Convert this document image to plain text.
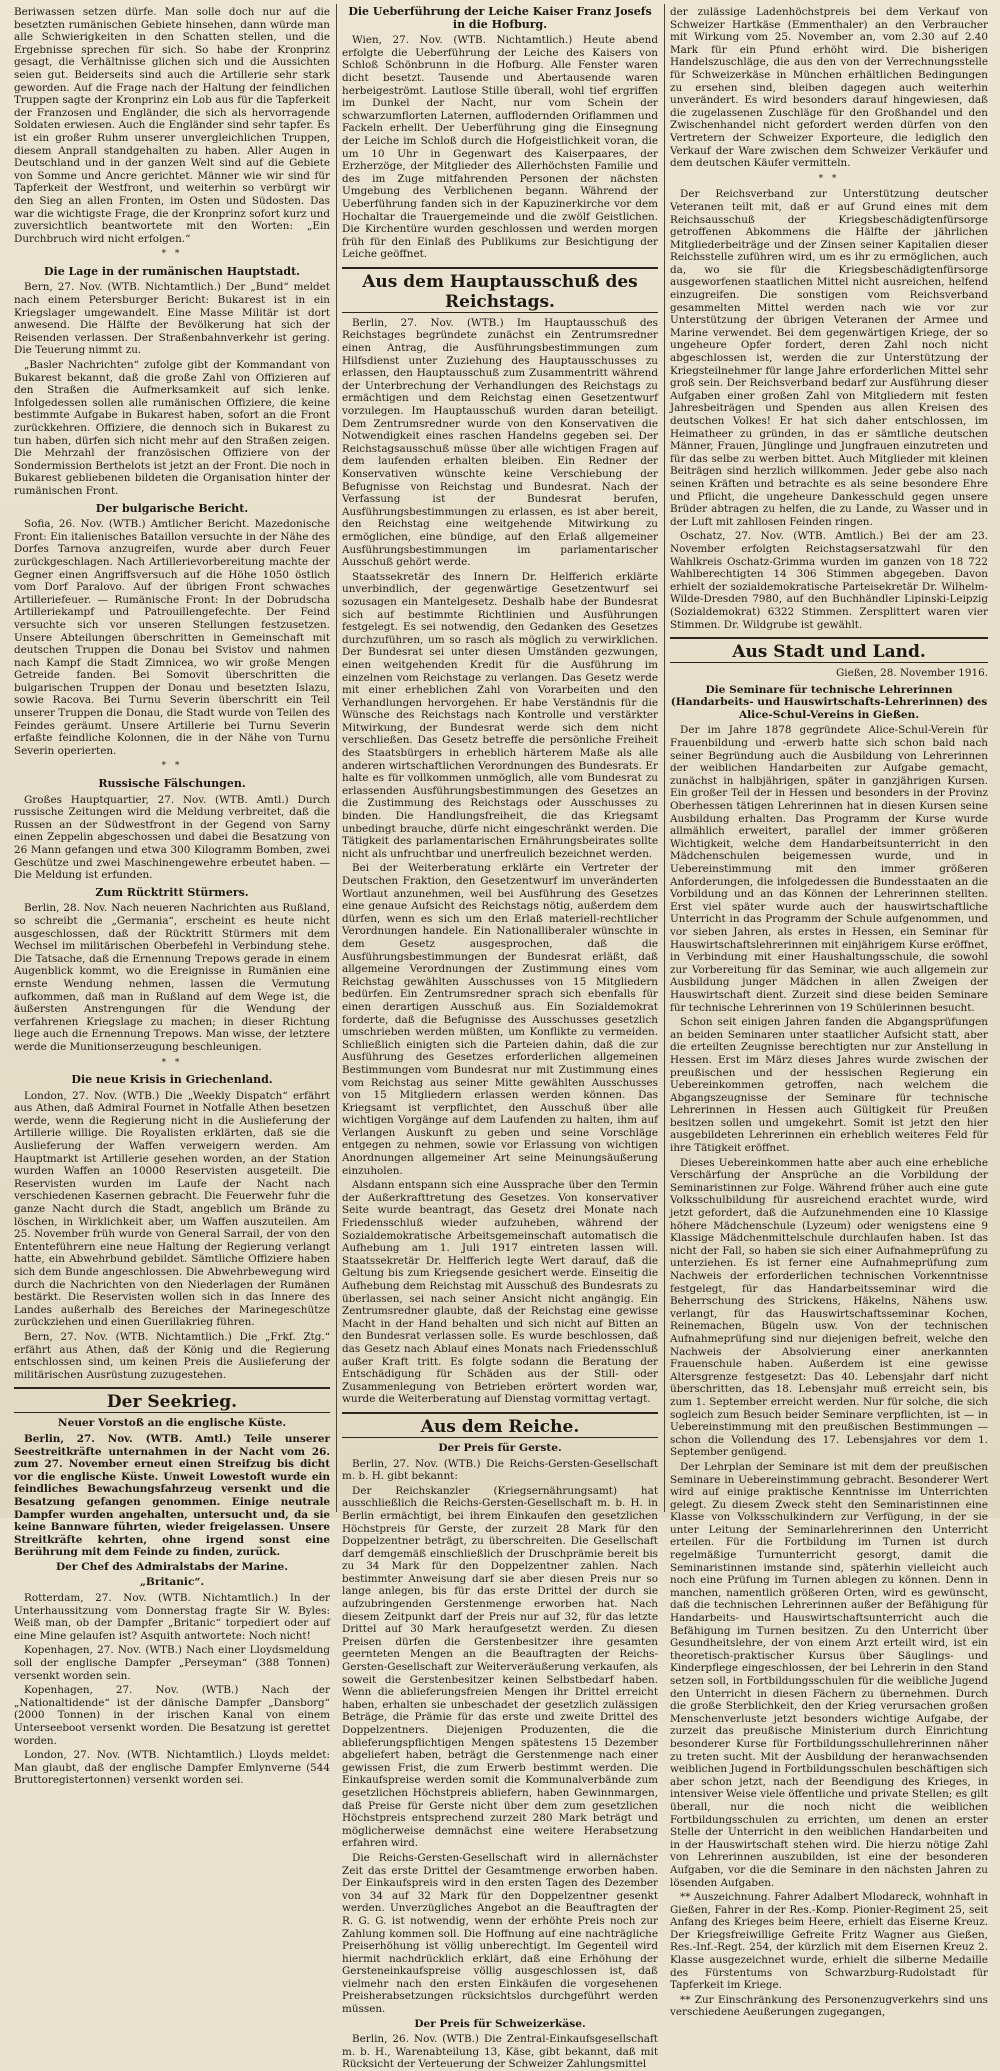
Beriwassen setzen dürfe. Man solle doch nur auf die besetzten rumänischen Gebiete hinsehen, dann würde man alle Schwierigkeiten in den Schatten stellen, und die Ergebnisse sprechen für sich. So habe der Kronprinz gesagt, die Verhältnisse glichen sich und die Aussichten seien gut. Beiderseits sind auch die Artillerie sehr stark geworden. Auf die Frage nach der Haltung der feindlichen Truppen sagte der Kronprinz ein Lob aus für die Tapferkeit der Franzosen und Engländer, die sich als hervorragende Soldaten erwiesen. Auch die Engländer sind sehr tapfer. Es ist ein großer Ruhm unserer unvergleichlichen Truppen, diesem Anprall standgehalten zu haben. Aller Augen in Deutschland und in der ganzen Welt sind auf die Gebiete von Somme und Ancre gerichtet. Männer wie wir sind für Tapferkeit der Westfront, und weiterhin so verbürgt wir den Sieg an allen Fronten, im Osten und Südosten. Das war die wichtigste Frage, die der Kronprinz sofort kurz und zuversichtlich beantwortete mit den Worten: „Ein Durchbruch wird nicht erfolgen.“

* *
Die Lage in der rumänischen Hauptstadt.

Bern, 27. Nov. (WTB. Nichtamtlich.) Der „Bund“ meldet nach einem Petersburger Bericht: Bukarest ist in ein Kriegslager umgewandelt. Eine Masse Militär ist dort anwesend. Die Hälfte der Bevölkerung hat sich der Reisenden verlassen. Der Straßenbahnverkehr ist gering. Die Teuerung nimmt zu.

„Basler Nachrichten“ zufolge gibt der Kommandant von Bukarest bekannt, daß die große Zahl von Offizieren auf den Straßen die Aufmerksamkeit auf sich lenke. Infolgedessen sollen alle rumänischen Offiziere, die keine bestimmte Aufgabe in Bukarest haben, sofort an die Front zurückkehren. Offiziere, die dennoch sich in Bukarest zu tun haben, dürfen sich nicht mehr auf den Straßen zeigen. Die Mehrzahl der französischen Offiziere von der Sondermission Berthelots ist jetzt an der Front. Die noch in Bukarest gebliebenen bildeten die Organisation hinter der rumänischen Front.

Der bulgarische Bericht.

Sofia, 26. Nov. (WTB.) Amtlicher Bericht. Mazedonische Front: Ein italienisches Bataillon versuchte in der Nähe des Dorfes Tarnova anzugreifen, wurde aber durch Feuer zurückgeschlagen. Nach Artillerievorbereitung machte der Gegner einen Angriffsversuch auf die Höhe 1050 östlich vom Dorf Paralovo. Auf der übrigen Front schwaches Artilleriefeuer. — Rumänische Front: In der Dobrudscha Artilleriekampf und Patrouillengefechte. Der Feind versuchte sich vor unseren Stellungen festzusetzen. Unsere Abteilungen überschritten in Gemeinschaft mit deutschen Truppen die Donau bei Svistov und nahmen nach Kampf die Stadt Zimnicea, wo wir große Mengen Getreide fanden. Bei Somovit überschritten die bulgarischen Truppen der Donau und besetzten Islazu, sowie Racova. Bei Turnu Severin überschritt ein Teil unserer Truppen die Donau, die Stadt wurde von Teilen des Feindes geräumt. Unsere Artillerie bei Turnu Severin erfaßte feindliche Kolonnen, die in der Nähe von Turnu Severin operierten.

* *
Russische Fälschungen.

Großes Hauptquartier, 27. Nov. (WTB. Amtl.) Durch russische Zeitungen wird die Meldung verbreitet, daß die Russen an der Südwestfront in der Gegend von Sarny einen Zeppelin abgeschossen und dabei die Besatzung von 26 Mann gefangen und etwa 300 Kilogramm Bomben, zwei Geschütze und zwei Maschinengewehre erbeutet haben. — Die Meldung ist erfunden.

Zum Rücktritt Stürmers.

Berlin, 28. Nov. Nach neueren Nachrichten aus Rußland, so schreibt die „Germania“, erscheint es heute nicht ausgeschlossen, daß der Rücktritt Stürmers mit dem Wechsel im militärischen Oberbefehl in Verbindung stehe. Die Tatsache, daß die Ernennung Trepows gerade in einem Augenblick kommt, wo die Ereignisse in Rumänien eine ernste Wendung nehmen, lassen die Vermutung aufkommen, daß man in Rußland auf dem Wege ist, die äußersten Anstrengungen für die Wendung der verfahrenen Kriegslage zu machen; in dieser Richtung liege auch die Ernennung Trepows. Man wisse, der letztere werde die Munitionserzeugung beschleunigen.

* *
Die neue Krisis in Griechenland.

London, 27. Nov. (WTB.) Die „Weekly Dispatch“ erfährt aus Athen, daß Admiral Fournet in Notfalle Athen besetzen werde, wenn die Regierung nicht in die Auslieferung der Artillerie willige. Die Royalisten erklärten, daß sie die Auslieferung der Waffen verweigern werden. Am Hauptmarkt ist Artillerie gesehen worden, an der Station wurden Waffen an 10000 Reservisten ausgeteilt. Die Reservisten wurden im Laufe der Nacht nach verschiedenen Kasernen gebracht. Die Feuerwehr fuhr die ganze Nacht durch die Stadt, angeblich um Brände zu löschen, in Wirklichkeit aber, um Waffen auszuteilen. Am 25. November früh wurde von General Sarrail, der von den Ententeführern eine neue Haltung der Regierung verlangt hatte, ein Abwehrbund gebildet. Sämtliche Offiziere haben sich dem Bunde angeschlossen. Die Abwehrbewegung wird durch die Nachrichten von den Niederlagen der Rumänen bestärkt. Die Reservisten wollen sich in das Innere des Landes außerhalb des Bereiches der Marinegeschütze zurückziehen und einen Guerillakrieg führen.

Bern, 27. Nov. (WTB. Nichtamtlich.) Die „Frkf. Ztg.“ erfährt aus Athen, daß der König und die Regierung entschlossen sind, um keinen Preis die Auslieferung der militärischen Ausrüstung zuzugestehen.

Der Seekrieg.
Neuer Vorstoß an die englische Küste.

Berlin, 27. Nov. (WTB. Amtl.) Teile unserer Seestreitkräfte unternahmen in der Nacht vom 26. zum 27. November erneut einen Streifzug bis dicht vor die englische Küste. Unweit Lowestoft wurde ein feindliches Bewachungsfahrzeug versenkt und die Besatzung gefangen genommen. Einige neutrale Dampfer wurden angehalten, untersucht und, da sie keine Bannware führten, wieder freigelassen. Unsere Streitkräfte kehrten, ohne irgend sonst eine Berührung mit dem Feinde zu finden, zurück.

Der Chef des Admiralstabs der Marine.
„Britanic“.

Rotterdam, 27. Nov. (WTB. Nichtamtlich.) In der Unterhaussitzung vom Donnerstag fragte Sir W. Byles: Weiß man, ob der Dampfer „Britanic“ torpediert oder auf eine Mine gelaufen ist? Asquith antwortete: Noch nicht!

Kopenhagen, 27. Nov. (WTB.) Nach einer Lloydsmeldung soll der englische Dampfer „Perseyman“ (388 Tonnen) versenkt worden sein.

Kopenhagen, 27. Nov. (WTB.) Nach der „Nationaltidende“ ist der dänische Dampfer „Dansborg“ (2000 Tonnen) in der irischen Kanal von einem Unterseeboot versenkt worden. Die Besatzung ist gerettet worden.

London, 27. Nov. (WTB. Nichtamtlich.) Lloyds meldet: Man glaubt, daß der englische Dampfer Emlynverne (544 Bruttoregistertonnen) versenkt worden sei.

Die Ueberführung der Leiche Kaiser Franz Josefs in die Hofburg.

Wien, 27. Nov. (WTB. Nichtamtlich.) Heute abend erfolgte die Ueberführung der Leiche des Kaisers von Schloß Schönbrunn in die Hofburg. Alle Fenster waren dicht besetzt. Tausende und Abertausende waren herbeigeströmt. Lautlose Stille überall, wohl tief ergriffen im Dunkel der Nacht, nur vom Schein der schwarzumflorten Laternen, aufflodernden Oriflammen und Fackeln erhellt. Der Ueberführung ging die Einsegnung der Leiche im Schloß durch die Hofgeistlichkeit voran, die um 10 Uhr in Gegenwart des Kaiserpaares, der Erzherzöge, der Mitglieder des Allerhöchsten Familie und des im Zuge mitfahrenden Personen der nächsten Umgebung des Verblichenen begann. Während der Ueberführung fanden sich in der Kapuzinerkirche vor dem Hochaltar die Trauergemeinde und die zwölf Geistlichen. Die Kirchentüre wurden geschlossen und werden morgen früh für den Einlaß des Publikums zur Besichtigung der Leiche geöffnet.

Aus dem Hauptausschuß des Reichstags.

Berlin, 27. Nov. (WTB.) Im Hauptausschuß des Reichstages begründete zunächst ein Zentrumsredner einen Antrag, die Ausführungsbestimmungen zum Hilfsdienst unter Zuziehung des Hauptausschusses zu erlassen, den Hauptausschuß zum Zusammentritt während der Unterbrechung der Verhandlungen des Reichstags zu ermächtigen und dem Reichstag einen Gesetzentwurf vorzulegen. Im Hauptausschuß wurden daran beteiligt. Dem Zentrumsredner wurde von den Konservativen die Notwendigkeit eines raschen Handelns gegeben sei. Der Reichstagsausschuß müsse über alle wichtigen Fragen auf dem laufenden erhalten bleiben. Ein Redner der Konservativen wünschte keine Verschiebung der Befugnisse von Reichstag und Bundesrat. Nach der Verfassung ist der Bundesrat berufen, Ausführungsbestimmungen zu erlassen, es ist aber bereit, den Reichstag eine weitgehende Mitwirkung zu ermöglichen, eine bündige, auf den Erlaß allgemeiner Ausführungsbestimmungen im parlamentarischer Ausschuß gehört werde.

Staatssekretär des Innern Dr. Helfferich erklärte unverbindlich, der gegenwärtige Gesetzentwurf sei sozusagen ein Mantelgesetz. Deshalb habe der Bundesrat sich auf bestimmte Richtlinien und Ausführungen festgelegt. Es sei notwendig, den Gedanken des Gesetzes durchzuführen, um so rasch als möglich zu verwirklichen. Der Bundesrat sei unter diesen Umständen gezwungen, einen weitgehenden Kredit für die Ausführung im einzelnen vom Reichstage zu verlangen. Das Gesetz werde mit einer erheblichen Zahl von Vorarbeiten und den Verhandlungen hervorgehen. Er habe Verständnis für die Wünsche des Reichstags nach Kontrolle und verstärkter Mitwirkung, der Bundesrat werde sich dem nicht verschließen. Das Gesetz betreffe die persönliche Freiheit des Staatsbürgers in erheblich härterem Maße als alle anderen wirtschaftlichen Verordnungen des Bundesrats. Er halte es für vollkommen unmöglich, alle vom Bundesrat zu erlassenden Ausführungsbestimmungen des Gesetzes an die Zustimmung des Reichstags oder Ausschusses zu binden. Die Handlungsfreiheit, die das Kriegsamt unbedingt brauche, dürfe nicht eingeschränkt werden. Die Tätigkeit des parlamentarischen Ernährungsbeirates sollte nicht als unfruchtbar und unerfreulich bezeichnet werden.

Bei der Weiterberatung erklärte ein Vertreter der Deutschen Fraktion, den Gesetzentwurf im unveränderten Wortlaut anzunehmen, weil bei Ausführung des Gesetzes eine genaue Aufsicht des Reichstags nötig, außerdem dem dürfen, wenn es sich um den Erlaß materiell-rechtlicher Verordnungen handele. Ein Nationalliberaler wünschte in dem Gesetz ausgesprochen, daß die Ausführungsbestimmungen der Bundesrat erläßt, daß allgemeine Verordnungen der Zustimmung eines vom Reichstag gewählten Ausschusses von 15 Mitgliedern bedürfen. Ein Zentrumsredner sprach sich ebenfalls für einen derartigen Ausschuß aus. Ein Sozialdemokrat forderte, daß die Befugnisse des Ausschusses gesetzlich umschrieben werden müßten, um Konflikte zu vermeiden. Schließlich einigten sich die Parteien dahin, daß die zur Ausführung des Gesetzes erforderlichen allgemeinen Bestimmungen vom Bundesrat nur mit Zustimmung eines vom Reichstag aus seiner Mitte gewählten Ausschusses von 15 Mitgliedern erlassen werden können. Das Kriegsamt ist verpflichtet, den Ausschuß über alle wichtigen Vorgänge auf dem Laufenden zu halten, ihm auf Verlangen Auskunft zu geben und seine Vorschläge entgegen zu nehmen, sowie vor Erlassung von wichtigen Anordnungen allgemeiner Art seine Meinungsäußerung einzuholen.

Alsdann entspann sich eine Aussprache über den Termin der Außerkrafttretung des Gesetzes. Von konservativer Seite wurde beantragt, das Gesetz drei Monate nach Friedensschluß wieder aufzuheben, während der Sozialdemokratische Arbeitsgemeinschaft automatisch die Aufhebung am 1. Juli 1917 eintreten lassen will. Staatssekretär Dr. Helfferich legte Wert darauf, daß die Geltung bis zum Kriegsende gesichert werde. Einseitig die Aufhebung dem Reichstag mit Ausschuß des Bundesrats zu überlassen, sei nach seiner Ansicht nicht angängig. Ein Zentrumsredner glaubte, daß der Reichstag eine gewisse Macht in der Hand behalten und sich nicht auf Bitten an den Bundesrat verlassen solle. Es wurde beschlossen, daß das Gesetz nach Ablauf eines Monats nach Friedensschluß außer Kraft tritt. Es folgte sodann die Beratung der Entschädigung für Schäden aus der Still- oder Zusammenlegung von Betrieben erörtert worden war, wurde die Weiterberatung auf Dienstag vormittag vertagt.

Aus dem Reiche.
Der Preis für Gerste.

Berlin, 27. Nov. (WTB.) Die Reichs-Gersten-Gesellschaft m. b. H. gibt bekannt:

Der Reichskanzler (Kriegsernährungsamt) hat ausschließlich die Reichs-Gersten-Gesellschaft m. b. H. in Berlin ermächtigt, bei ihrem Einkaufen den gesetzlichen Höchstpreis für Gerste, der zurzeit 28 Mark für den Doppelzentner beträgt, zu überschreiten. Die Gesellschaft darf demgemäß einschließlich der Druschprämie bereit bis zu 34 Mark für den Doppelzentner zahlen. Nach bestimmter Anweisung darf sie aber diesen Preis nur so lange anlegen, bis für das erste Drittel der durch sie aufzubringenden Gerstenmenge erworben hat. Nach diesem Zeitpunkt darf der Preis nur auf 32, für das letzte Drittel auf 30 Mark heraufgesetzt werden. Zu diesen Preisen dürfen die Gerstenbesitzer ihre gesamten geernteten Mengen an die Beauftragten der Reichs-Gersten-Gesellschaft zur Weiterveräußerung verkaufen, als soweit die Gerstenbesitzer keinen Selbstbedarf haben. Wenn die ablieferungsfreien Mengen ihr Drittel erreicht haben, erhalten sie unbeschadet der gesetzlich zulässigen Beträge, die Prämie für das erste und zweite Drittel des Doppelzentners. Diejenigen Produzenten, die die ablieferungspflichtigen Mengen spätestens 15 Dezember abgeliefert haben, beträgt die Gerstenmenge nach einer gewissen Frist, die zum Erwerb bestimmt werden. Die Einkaufspreise werden somit die Kommunalverbände zum gesetzlichen Höchstpreis abliefern, haben Gewinnmargen, daß Preise für Gerste nicht über dem zum gesetzlichen Höchstpreis entsprechend zurzeit 280 Mark beträgt und möglicherweise demnächst eine weitere Herabsetzung erfahren wird.

Die Reichs-Gersten-Gesellschaft wird in allernächster Zeit das erste Drittel der Gesamtmenge erworben haben. Der Einkaufspreis wird in den ersten Tagen des Dezember von 34 auf 32 Mark für den Doppelzentner gesenkt werden. Unverzügliches Angebot an die Beauftragten der R. G. G. ist notwendig, wenn der erhöhte Preis noch zur Zahlung kommen soll. Die Hoffnung auf eine nachträgliche Preiserhöhung ist völlig unberechtigt. Im Gegenteil wird hiermit nachdrücklich erklärt, daß eine Erhöhung der Gersteneinkaufspreise völlig ausgeschlossen ist, daß vielmehr nach den ersten Einkäufen die vorgesehenen Preisherabsetzungen rücksichtslos durchgeführt werden müssen.

Der Preis für Schweizerkäse.

Berlin, 26. Nov. (WTB.) Die Zentral-Einkaufsgesellschaft m. b. H., Warenabteilung 13, Käse, gibt bekannt, daß mit Rücksicht der Verteuerung der Schweizer Zahlungsmittel

der zulässige Ladenhöchstpreis bei dem Verkauf von Schweizer Hartkäse (Emmenthaler) an den Verbraucher mit Wirkung vom 25. November an, vom 2.30 auf 2.40 Mark für ein Pfund erhöht wird. Die bisherigen Handelszuschläge, die aus den von der Verrechnungsstelle für Schweizerkäse in München erhältlichen Bedingungen zu ersehen sind, bleiben dagegen auch weiterhin unverändert. Es wird besonders darauf hingewiesen, daß die zugelassenen Zuschläge für den Großhandel und den Zwischenhandel nicht gefordert werden dürfen von den Vertretern der Schweizer Exporteure, die lediglich den Verkauf der Ware zwischen dem Schweizer Verkäufer und dem deutschen Käufer vermitteln.

* *

Der Reichsverband zur Unterstützung deutscher Veteranen teilt mit, daß er auf Grund eines mit dem Reichsausschuß der Kriegsbeschädigtenfürsorge getroffenen Abkommens die Hälfte der jährlichen Mitgliederbeiträge und der Zinsen seiner Kapitalien dieser Reichsstelle zuführen wird, um es ihr zu ermöglichen, auch da, wo sie für die Kriegsbeschädigtenfürsorge ausgeworfenen staatlichen Mittel nicht ausreichen, helfend einzugreifen. Die sonstigen vom Reichsverband gesammelten Mittel werden nach wie vor zur Unterstützung der übrigen Veteranen der Armee und Marine verwendet. Bei dem gegenwärtigen Kriege, der so ungeheure Opfer fordert, deren Zahl noch nicht abgeschlossen ist, werden die zur Unterstützung der Kriegsteilnehmer für lange Jahre erforderlichen Mittel sehr groß sein. Der Reichsverband bedarf zur Ausführung dieser Aufgaben einer großen Zahl von Mitgliedern mit festen Jahresbeiträgen und Spenden aus allen Kreisen des deutschen Volkes! Er hat sich daher entschlossen, im Heimatheer zu gründen, in das er sämtliche deutschen Männer, Frauen, Jünglinge und Jungfrauen einzutreten und für das selbe zu werben bittet. Auch Mitglieder mit kleinen Beiträgen sind herzlich willkommen. Jeder gebe also nach seinen Kräften und betrachte es als seine besondere Ehre und Pflicht, die ungeheure Dankesschuld gegen unsere Brüder abtragen zu helfen, die zu Lande, zu Wasser und in der Luft mit zahllosen Feinden ringen.

Oschatz, 27. Nov. (WTB. Amtlich.) Bei der am 23. November erfolgten Reichstagsersatzwahl für den Wahlkreis Oschatz-Grimma wurden im ganzen von 18 722 Wahlberechtigten 14 306 Stimmen abgegeben. Davon erhielt der sozialdemokratische Parteisekretär Dr. Wilhelm-Wilde-Dresden 7980, auf den Buchhändler Lipinski-Leipzig (Sozialdemokrat) 6322 Stimmen. Zersplittert waren vier Stimmen. Dr. Wildgrube ist gewählt.

Aus Stadt und Land.
Gießen, 28. November 1916.
Die Seminare für technische Lehrerinnen (Handarbeits- und Hauswirtschafts-Lehrerinnen) des Alice-Schul-Vereins in Gießen.

Der im Jahre 1878 gegründete Alice-Schul-Verein für Frauenbildung und -erwerb hatte sich schon bald nach seiner Begründung auch die Ausbildung von Lehrerinnen der weiblichen Handarbeiten zur Aufgabe gemacht, zunächst in halbjährigen, später in ganzjährigen Kursen. Ein großer Teil der in Hessen und besonders in der Provinz Oberhessen tätigen Lehrerinnen hat in diesen Kursen seine Ausbildung erhalten. Das Programm der Kurse wurde allmählich erweitert, parallel der immer größeren Wichtigkeit, welche dem Handarbeitsunterricht in den Mädchenschulen beigemessen wurde, und in Uebereinstimmung mit den immer größeren Anforderungen, die infolgedessen die Bundesstaaten an die Vorbildung und an das Können der Lehrerinnen stellten. Erst viel später wurde auch der hauswirtschaftliche Unterricht in das Programm der Schule aufgenommen, und vor sieben Jahren, als erstes in Hessen, ein Seminar für Hauswirtschaftslehrerinnen mit einjährigem Kurse eröffnet, in Verbindung mit einer Haushaltungsschule, die sowohl zur Vorbereitung für das Seminar, wie auch allgemein zur Ausbildung junger Mädchen in allen Zweigen der Hauswirtschaft dient. Zurzeit sind diese beiden Seminare für technische Lehrerinnen von 19 Schülerinnen besucht.

Schon seit einigen Jahren fanden die Abgangsprüfungen an beiden Seminaren unter staatlicher Aufsicht statt, aber die erteilten Zeugnisse berechtigten nur zur Anstellung in Hessen. Erst im März dieses Jahres wurde zwischen der preußischen und der hessischen Regierung ein Uebereinkommen getroffen, nach welchem die Abgangszeugnisse der Seminare für technische Lehrerinnen in Hessen auch Gültigkeit für Preußen besitzen sollen und umgekehrt. Somit ist jetzt den hier ausgebildeten Lehrerinnen ein erheblich weiteres Feld für ihre Tätigkeit eröffnet.

Dieses Uebereinkommen hatte aber auch eine erhebliche Verschärfung der Ansprüche an die Vorbildung der Seminaristinnen zur Folge. Während früher auch eine gute Volksschulbildung für ausreichend erachtet wurde, wird jetzt gefordert, daß die Aufzunehmenden eine 10 Klassige höhere Mädchenschule (Lyzeum) oder wenigstens eine 9 Klassige Mädchenmittelschule durchlaufen haben. Ist das nicht der Fall, so haben sie sich einer Aufnahmeprüfung zu unterziehen. Es ist ferner eine Aufnahmeprüfung zum Nachweis der erforderlichen technischen Vorkenntnisse festgelegt, für das Handarbeitsseminar wird die Beherrschung des Strickens, Häkelns, Nähens usw. verlangt, für das Hauswirtschaftsseminar Kochen, Reinemachen, Bügeln usw. Von der technischen Aufnahmeprüfung sind nur diejenigen befreit, welche den Nachweis der Absolvierung einer anerkannten Frauenschule haben. Außerdem ist eine gewisse Altersgrenze festgesetzt: Das 40. Lebensjahr darf nicht überschritten, das 18. Lebensjahr muß erreicht sein, bis zum 1. September erreicht werden. Nur für solche, die sich sogleich zum Besuch beider Seminare verpflichten, ist — in Uebereinstimmung mit den preußischen Bestimmungen — schon die Vollendung des 17. Lebensjahres vor dem 1. September genügend.

Der Lehrplan der Seminare ist mit dem der preußischen Seminare in Uebereinstimmung gebracht. Besonderer Wert wird auf einige praktische Kenntnisse im Unterrichten gelegt. Zu diesem Zweck steht den Seminaristinnen eine Klasse von Volksschulkindern zur Verfügung, in der sie unter Leitung der Seminarlehrerinnen den Unterricht erteilen. Für die Fortbildung im Turnen ist durch regelmäßige Turnunterricht gesorgt, damit die Seminaristinnen imstande sind, späterhin vielleicht auch noch eine Prüfung im Turnen ablegen zu können. Denn in manchen, namentlich größeren Orten, wird es gewünscht, daß die technischen Lehrerinnen außer der Befähigung für Handarbeits- und Hauswirtschaftsunterricht auch die Befähigung im Turnen besitzen. Zu den Unterricht über Gesundheitslehre, der von einem Arzt erteilt wird, ist ein theoretisch-praktischer Kursus über Säuglings- und Kinderpflege eingeschlossen, der bei Lehrerin in den Stand setzen soll, in Fortbildungsschulen für die weibliche Jugend den Unterricht in diesen Fächern zu übernehmen. Durch die große Sterblichkeit, den der Krieg verursachen großen Menschenverluste jetzt besonders wichtige Aufgabe, der zurzeit das preußische Ministerium durch Einrichtung besonderer Kurse für Fortbildungsschullehrerinnen näher zu treten sucht. Mit der Ausbildung der heranwachsenden weiblichen Jugend in Fortbildungsschulen beschäftigen sich aber schon jetzt, nach der Beendigung des Krieges, in intensiver Weise viele öffentliche und private Stellen; es gilt überall, nur die noch nicht die weiblichen Fortbildungsschulen zu errichten, um denen an erster Stelle der Unterricht in den weiblichen Handarbeiten und in der Hauswirtschaft stehen wird. Die hierzu nötige Zahl von Lehrerinnen auszubilden, ist eine der besonderen Aufgaben, vor die die Seminare in den nächsten Jahren zu lösenden Aufgaben.

** Auszeichnung. Fahrer Adalbert Mlodareck, wohnhaft in Gießen, Fahrer in der Res.-Komp. Pionier-Regiment 25, seit Anfang des Krieges beim Heere, erhielt das Eiserne Kreuz. Der Kriegsfreiwillige Gefreite Fritz Wagner aus Gießen, Res.-Inf.-Regt. 254, der kürzlich mit dem Eisernen Kreuz 2. Klasse ausgezeichnet wurde, erhielt die silberne Medaille des Fürstentums von Schwarzburg-Rudolstadt für Tapferkeit im Kriege.

** Zur Einschränkung des Personenzugverkehrs sind uns verschiedene Aeußerungen zugegangen,
